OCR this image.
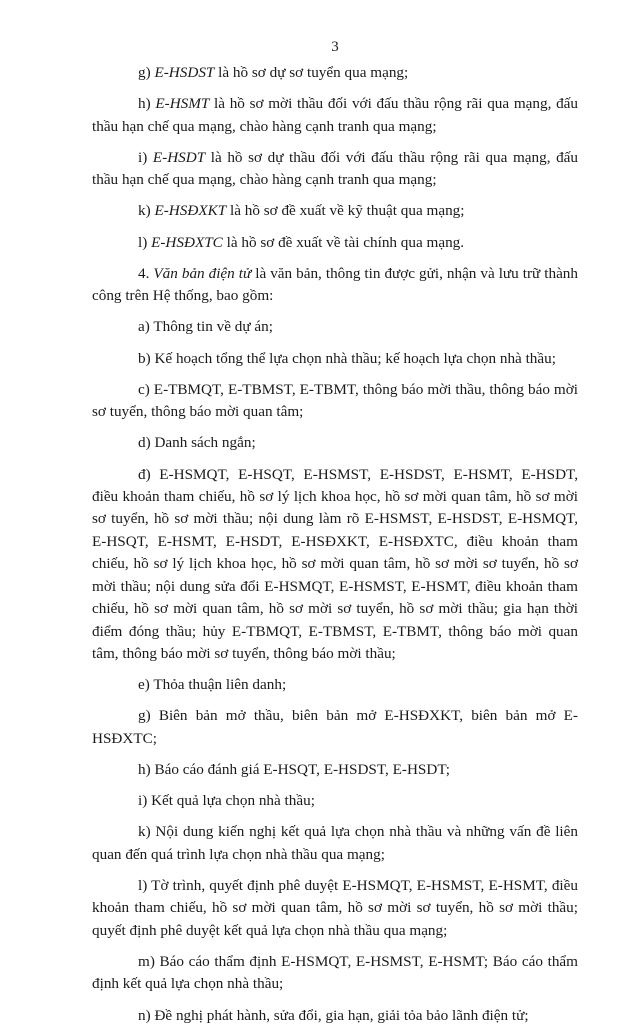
3

g) E-HSDST là hồ sơ dự sơ tuyển qua mạng;

h) E-HSMT là hồ sơ mời thầu đối với đấu thầu rộng rãi qua mạng, đấu thầu hạn chế qua mạng, chào hàng cạnh tranh qua mạng;

i) E-HSDT là hồ sơ dự thầu đối với đấu thầu rộng rãi qua mạng, đấu thầu hạn chế qua mạng, chào hàng cạnh tranh qua mạng;

k) E-HSĐXKT là hồ sơ đề xuất về kỹ thuật qua mạng;

l) E-HSĐXTC là hồ sơ đề xuất về tài chính qua mạng.

4. Văn bản điện tử là văn bản, thông tin được gửi, nhận và lưu trữ thành công trên Hệ thống, bao gồm:

a) Thông tin về dự án;

b) Kế hoạch tổng thể lựa chọn nhà thầu; kế hoạch lựa chọn nhà thầu;

c) E-TBMQT, E-TBMST, E-TBMT, thông báo mời thầu, thông báo mời sơ tuyển, thông báo mời quan tâm;

d) Danh sách ngắn;

đ) E-HSMQT, E-HSQT, E-HSMST, E-HSDST, E-HSMT, E-HSDT, điều khoản tham chiếu, hồ sơ lý lịch khoa học, hồ sơ mời quan tâm, hồ sơ mời sơ tuyển, hồ sơ mời thầu; nội dung làm rõ E-HSMST, E-HSDST, E-HSMQT, E-HSQT, E-HSMT, E-HSDT, E-HSĐXKT, E-HSĐXTC, điều khoản tham chiếu, hồ sơ lý lịch khoa học, hồ sơ mời quan tâm, hồ sơ mời sơ tuyển, hồ sơ mời thầu; nội dung sửa đổi E-HSMQT, E-HSMST, E-HSMT, điều khoản tham chiếu, hồ sơ mời quan tâm, hồ sơ mời sơ tuyển, hồ sơ mời thầu; gia hạn thời điểm đóng thầu; hủy E-TBMQT, E-TBMST, E-TBMT, thông báo mời quan tâm, thông báo mời sơ tuyển, thông báo mời thầu;

e) Thỏa thuận liên danh;

g) Biên bản mở thầu, biên bản mở E-HSĐXKT, biên bản mở E-HSĐXTC;

h) Báo cáo đánh giá E-HSQT, E-HSDST, E-HSDT;

i) Kết quả lựa chọn nhà thầu;

k) Nội dung kiến nghị kết quả lựa chọn nhà thầu và những vấn đề liên quan đến quá trình lựa chọn nhà thầu qua mạng;

l) Tờ trình, quyết định phê duyệt E-HSMQT, E-HSMST, E-HSMT, điều khoản tham chiếu, hồ sơ mời quan tâm, hồ sơ mời sơ tuyển, hồ sơ mời thầu; quyết định phê duyệt kết quả lựa chọn nhà thầu qua mạng;

m) Báo cáo thẩm định E-HSMQT, E-HSMST, E-HSMT; Báo cáo thẩm định kết quả lựa chọn nhà thầu;

n) Đề nghị phát hành, sửa đổi, gia hạn, giải tỏa bảo lãnh điện tử;
